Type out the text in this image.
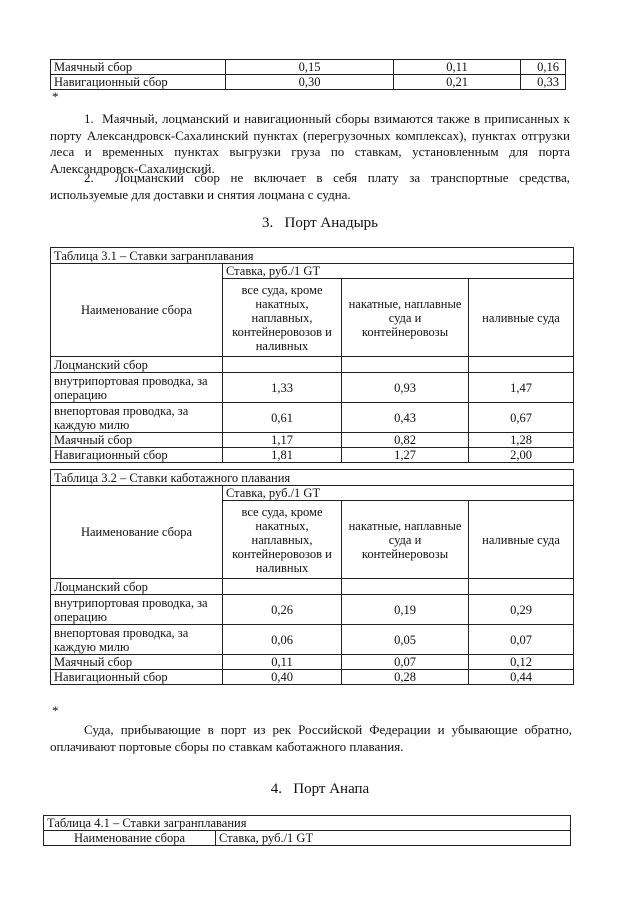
Маячный сбор	0,15	0,11	0,16
Навигационный сбор	0,30	0,21	0,33
*
1.  Маячный, лоцманский и навигационный сборы взимаются также в приписанных к порту Александровск-Сахалинский пунктах (перегрузочных комплексах), пунктах отгрузки леса и временных пунктах выгрузки груза по ставкам, установленным для порта Александровск-Сахалинский.
2.  Лоцманский сбор не включает в себя плату за транспортные средства, используемые для доставки и снятия лоцмана с судна.
3.   Порт Анадырь
Таблица 3.1 – Ставки загранплавания			
Наименование сбора	Ставка, руб./1 GT		
	все суда, кроме накатных, наплавных, контейнеровозов и наливных	накатные, наплавные суда и контейнеровозы	наливные суда
Лоцманский сбор			
внутрипортовая проводка, за операцию	1,33	0,93	1,47
внепортовая проводка, за каждую милю	0,61	0,43	0,67
Маячный сбор	1,17	0,82	1,28
Навигационный сбор	1,81	1,27	2,00
Таблица 3.2 – Ставки каботажного плавания			
Наименование сбора	Ставка, руб./1 GT		
	все суда, кроме накатных, наплавных, контейнеровозов и наливных	накатные, наплавные суда и контейнеровозы	наливные суда
Лоцманский сбор			
внутрипортовая проводка, за операцию	0,26	0,19	0,29
внепортовая проводка, за каждую милю	0,06	0,05	0,07
Маячный сбор	0,11	0,07	0,12
Навигационный сбор	0,40	0,28	0,44
*
Суда, прибывающие в порт из рек Российской Федерации и убывающие обратно, оплачивают портовые сборы по ставкам каботажного плавания.
4.   Порт Анапа
Таблица 4.1 – Ставки загранплавания
Наименование сбора	Ставка, руб./1 GT
